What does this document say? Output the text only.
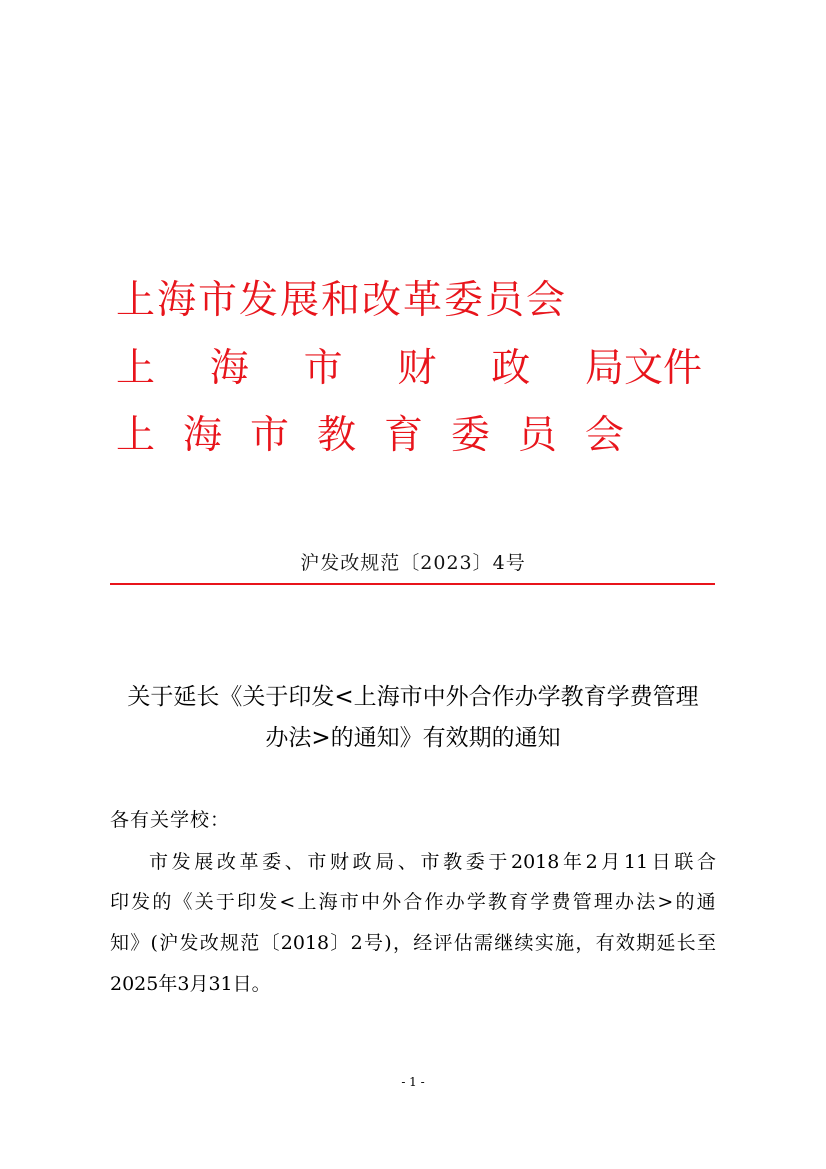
上海市发展和改革委员会
上 海 市 财 政 局文件
上 海 市 教 育 委 员 会
沪发改规范〔2023〕4号
关于延长《关于印发<上海市中外合作办学教育学费管理
办法>的通知》有效期的通知
各有关学校：
市 发 展 改 革 委 、 市 财 政 局 、 市 教 委 于 2018 年 2 月 11 日 联 合
印 发 的 《 关 于 印 发 < 上 海 市 中 外 合 作 办 学 教 育 学 费 管 理 办 法 > 的 通
知 》 ( 沪 发 改 规 范 〔 2018 〕 2 号 ) ， 经 评 估 需 继 续 实 施 ， 有 效 期 延 长 至
2025年3月31日。
- 1 -
